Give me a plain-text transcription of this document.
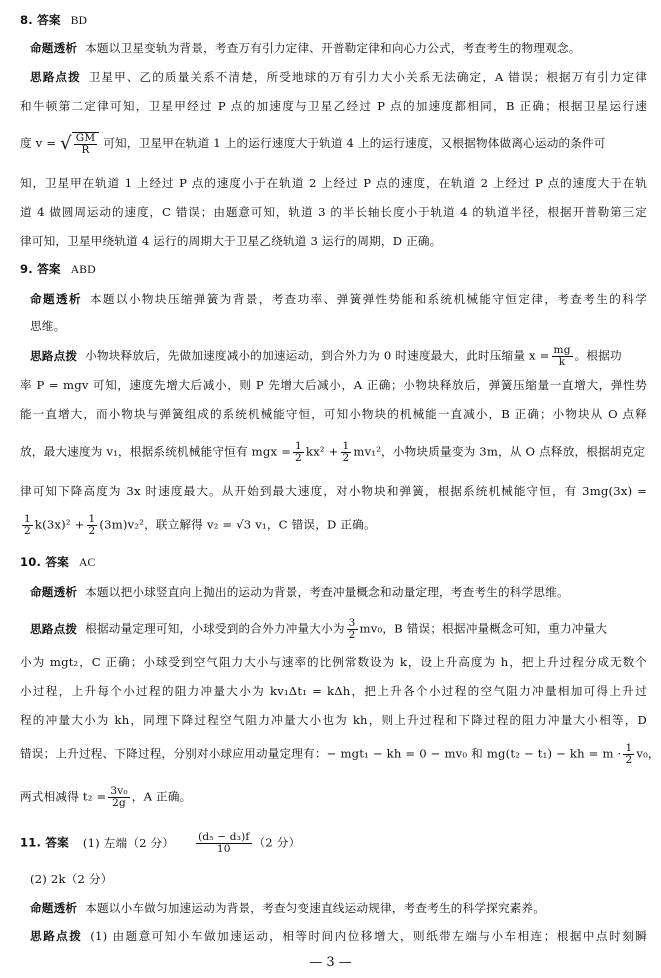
8. 答案 BD
命题透析 本题以卫星变轨为背景，考查万有引力定律、开普勒定律和向心力公式，考查考生的物理观念。
思路点拨 卫星甲、乙的质量关系不清楚，所受地球的万有引力大小关系无法确定，A 错误；根据万有引力定律
和牛顿第二定律可知，卫星甲经过 P 点的加速度与卫星乙经过 P 点的加速度都相同，B 正确；根据卫星运行速
度 v = √ $\frac{GM}{R}$ 可知，卫星甲在轨道 1 上的运行速度大于轨道 4 上的运行速度，又根据物体做离心运动的条件可
知，卫星甲在轨道 1 上经过 P 点的速度小于在轨道 2 上经过 P 点的速度，在轨道 2 上经过 P 点的速度大于在轨
道 4 做圆周运动的速度，C 错误；由题意可知，轨道 3 的半长轴长度小于轨道 4 的轨道半径，根据开普勒第三定
律可知，卫星甲绕轨道 4 运行的周期大于卫星乙绕轨道 3 运行的周期，D 正确。
9. 答案 ABD
命题透析 本题以小物块压缩弹簧为背景，考查功率、弹簧弹性势能和系统机械能守恒定律，考查考生的科学
思维。
思路点拨 小物块释放后，先做加速度减小的加速运动，到合外力为 0 时速度最大，此时压缩量 $x = \frac{mg}{k}$ 。根据功
率 P = mgv 可知，速度先增大后减小，则 P 先增大后减小，A 正确；小物块释放后，弹簧压缩量一直增大，弹性势
能一直增大，而小物块与弹簧组成的系统机械能守恒，可知小物块的机械能一直减小，B 正确；小物块从 O 点释
放，最大速度为 v₁，根据系统机械能守恒有 mgx = $\frac{1}{2} kx^2 + \frac{1}{2} mv_1^2$，小物块质量变为 3m，从 O 点释放，根据胡克定
律可知下降高度为 3x 时速度最大。从开始到最大速度，对小物块和弹簧，根据系统机械能守恒，有 3mg(3x) =
$\frac{1}{2} k(3x)^2 + \frac{1}{2} (3m)v_2^2$，联立解得 v₂ = √3 v₁，C 错误，D 正确。
10. 答案 AC
命题透析 本题以把小球竖直向上抛出的运动为背景，考查冲量概念和动量定理，考查考生的科学思维。
思路点拨 根据动量定理可知，小球受到的合外力冲量大小为 $\frac{3}{2} mv_0$，B 错误；根据冲量概念可知，重力冲量大
小为 mgt₂，C 正确；小球受到空气阻力大小与速率的比例常数设为 k，设上升高度为 h，把上升过程分成无数个
小过程，上升每个小过程的阻力冲量大小为 kv₁Δt₁ = kΔh，把上升各个小过程的空气阻力冲量相加可得上升过
程的冲量大小为 kh，同理下降过程空气阻力冲量大小也为 kh，则上升过程和下降过程的阻力冲量大小相等，D
错误；上升过程、下降过程，分别对小球应用动量定理有：− mgt₁ − kh = 0 − mv₀ 和 mg(t₂ − t₁) − kh = $m \cdot \frac{1}{2} v_0$，
两式相减得 $t_2 = \frac{\text{3v₀}}{2g}$ ，A 正确。
11. 答案 (1) 左端（2 分） $\frac{\text{(d₅ − d₃)f}}{10} (2$ 分）
(2) 2k（2 分）
命题透析 本题以小车做匀加速运动为背景，考查匀变速直线运动规律，考查考生的科学探究素养。
思路点拨 (1) 由题意可知小车做加速运动，相等时间内位移增大，则纸带左端与小车相连；根据中点时刻瞬
— 3 —
